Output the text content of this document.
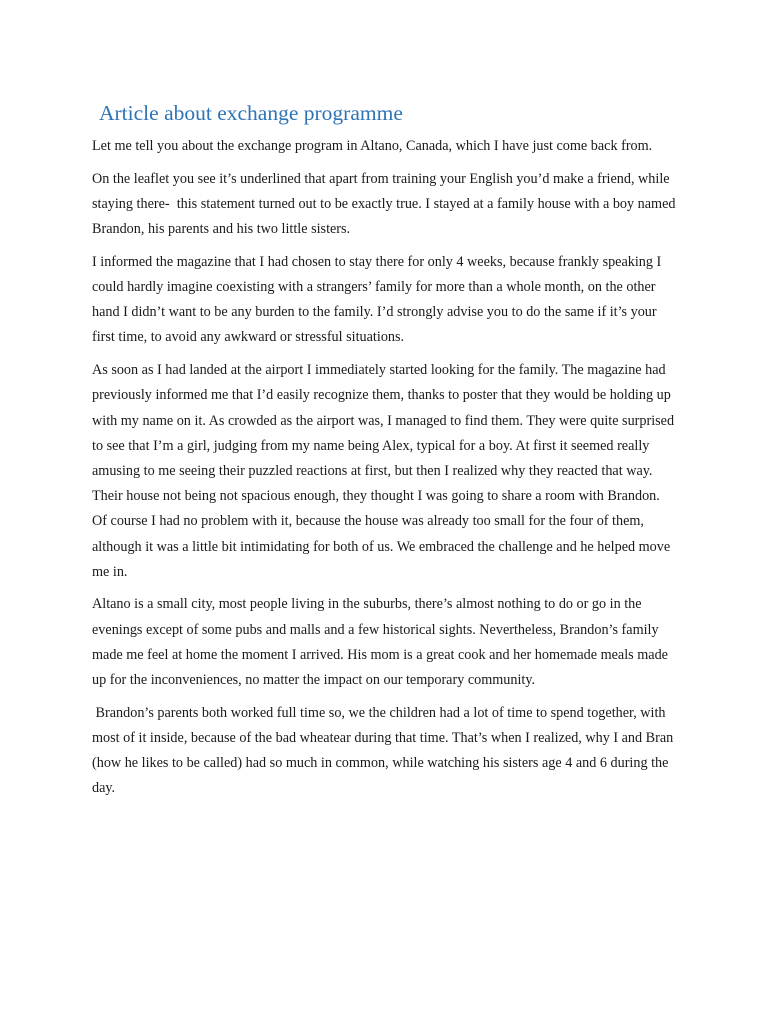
Article about exchange programme

Let me tell you about the exchange program in Altano, Canada, which I have just come back from.

On the leaflet you see it’s underlined that apart from training your English you’d make a friend, while staying there-  this statement turned out to be exactly true. I stayed at a family house with a boy named Brandon, his parents and his two little sisters.

I informed the magazine that I had chosen to stay there for only 4 weeks, because frankly speaking I could hardly imagine coexisting with a strangers’ family for more than a whole month, on the other hand I didn’t want to be any burden to the family. I’d strongly advise you to do the same if it’s your first time, to avoid any awkward or stressful situations.

As soon as I had landed at the airport I immediately started looking for the family. The magazine had previously informed me that I’d easily recognize them, thanks to poster that they would be holding up with my name on it. As crowded as the airport was, I managed to find them. They were quite surprised to see that I’m a girl, judging from my name being Alex, typical for a boy. At first it seemed really amusing to me seeing their puzzled reactions at first, but then I realized why they reacted that way.  Their house not being not spacious enough, they thought I was going to share a room with Brandon.  Of course I had no problem with it, because the house was already too small for the four of them, although it was a little bit intimidating for both of us. We embraced the challenge and he helped move me in.

Altano is a small city, most people living in the suburbs, there’s almost nothing to do or go in the evenings except of some pubs and malls and a few historical sights. Nevertheless, Brandon’s family made me feel at home the moment I arrived. His mom is a great cook and her homemade meals made up for the inconveniences, no matter the impact on our temporary community.

Brandon’s parents both worked full time so, we the children had a lot of time to spend together, with most of it inside, because of the bad wheatear during that time. That’s when I realized, why I and Bran (how he likes to be called) had so much in common, while watching his sisters age 4 and 6 during the day.
